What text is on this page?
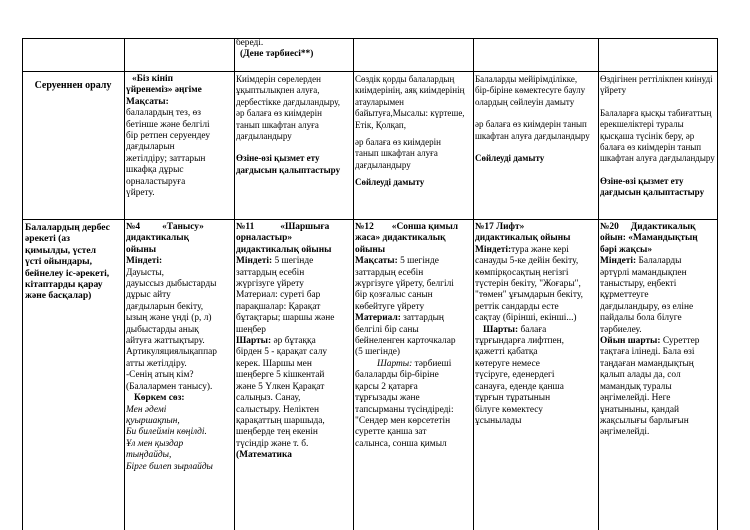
береді.

(Дене тәрбиесі**)

Серуеннен оралу

«Біз кініп

үйренеміз» әңгіме

Мақсаты:

балалардың тез, өз

бетінше және белгілі

бір ретпен серуендеу

дағдыларын

жетілдіру; заттарын

шкафқа дұрыс

орналастыруға

үйрету.

Киімдерін сөрелерден

ұқыптылықпен алуға,

дербестікке дағдыландыру,

әр балаға өз киімдерін

танып шкафтан алуға

дағдыландыру

Өзіне-өзі қызмет ету

дағдысын қалыптастыру

Сөздік қорды балалардың

киімдерінің, аяқ киімдерінің

атауларымен

байытуға,Мысалы: күртеше,

Етік, Қолқап,

әр балаға өз киімдерін

танып шкафтан алуға

дағдыландыру

Сөйлеуді дамыту

Балаларды мейірімділікке,

бір-біріне көмектесуге баулу

олардың сөйлеуін дамыту

әр балаға өз киімдерін танып

шкафтан алуға дағдыландыру

Сөйлеуді дамыту

Өздігінен реттілікпен киінуді

үйрету

Балаларға қысқы табиғаттың

ерекшеліктері туралы

қысқаша түсінік беру, әр

балаға өз киімдерін танып

шкафтан алуға дағдыландыру

Өзіне-өзі қызмет ету

дағдысын қалыптастыру

Балалардың дербес

әрекеті (аз

қимылды, үстел

үсті ойындары,

бейнелеу іс-әрекеті,

кітаптарды қарау

және басқалар)

№4 «Танысу»

дидактикалық

ойыны

Міндеті:

Дауысты,

дауыссыз дыбыстарды

дұрыс айту

дағдыларын бекіту,

ызың және үнді (р, л)

дыбыстарды анық

айтуға жаттықтыру.

Артикуляциялықаппар

атты жетілдіру.

-Сенің атың кім?

(Балалармен танысу).

Көркем сөз:

Мен әдемі

қуыршақпын,

Би билеймін көңілді.

Ұл мен қыздар

тыңдайды,

Бірге билеп зырлайды

№11	«Шаршыға

орналастыр»

дидактикалық ойыны

Міндеті: 5 шегінде

заттардың есебін

жүргізуге үйрету

Материал: суреті бар

парақшалар: Қарақат

бұтақтары; шаршы және

шеңбер

Шарты: әр бұтаққа

бірден 5 - қарақат салу

керек. Шаршы мен

шеңберге 5 кішкентай

және 5 Үлкен Қарақат

салыңыз. Санау,

салыстыру. Неліктен

қарақаттың шаршыда,

шеңберде тең екенін

түсіндір және т. б.

(Математика

№12 «Сонша қимыл

жаса» дидактикалық

ойыны

Мақсаты: 5 шегінде

заттардың есебін

жүргізуге үйрету, белгілі

бір қозғалыс санын

көбейтуге үйрету

Материал: заттардың

белгілі бір саны

бейнеленген карточкалар

(5 шегінде)

Шарты: тәрбиеші

балаларды бір-біріне

қарсы 2 қатарға

тұрғызады және

тапсырманы түсіндіреді:

"Сендер мен көрсететін

суретте қанша зат

салынса, сонша қимыл

№17 Лифт»

дидактикалық ойыны

Міндеті:тура және кері

санауды 5-ке дейін бекіту,

көмпірқосақтың негізгі

түстерін бекіту, "Жоғары",

"төмен" ұғымдарын бекіту,

реттік сандарды есте

сақтау (бірінші, екінші...)

Шарты: балаға

тұрғындарға лифтпен,

қажетті қабатқа

көтеруге немесе

түсіруге, еденердегі

санауға, еденде қанша

тұрғын тұратынын

білуге көмектесу

ұсынылады

№20 Дидактикалық

ойын: «Мамандықтың

бәрі жақсы»

Міндеті: Балаларды

әртүрлі мамандықпен

таныстыру, еңбекті

құрметтеуге

дағдыландыру, өз еліне

пайдалы бола білуге

тәрбиелеу.

Ойын шарты: Суреттер

тақтаға ілінеді. Бала өзі

таңдаған мамандықтың

қалып алады да, сол

мамандық туралы

әңгімелейді. Неге

ұнатыныны, қандай

жақсылығы барлығын

әңгімелейді.
